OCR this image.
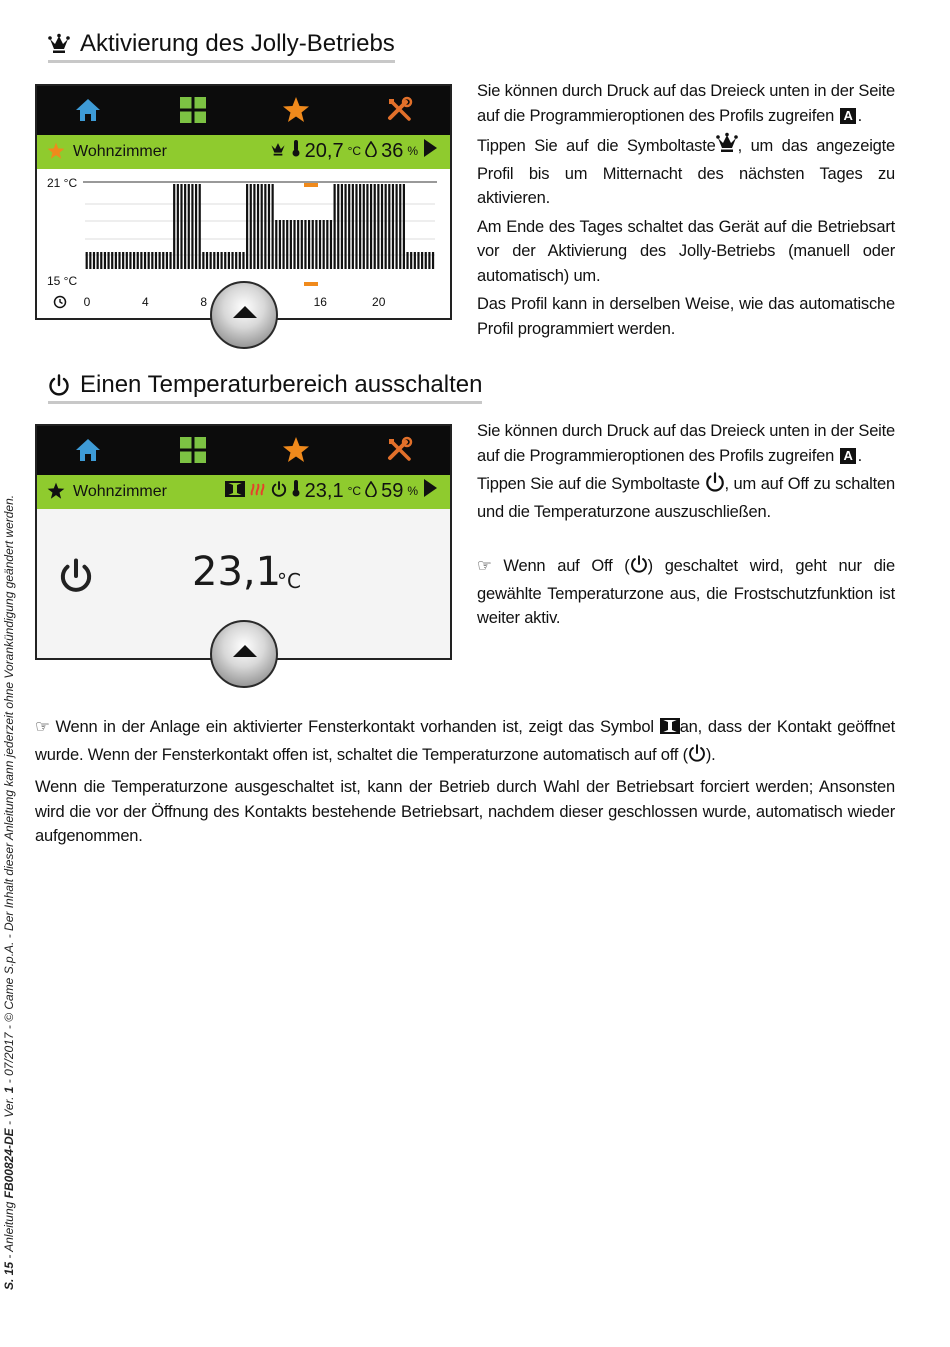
Aktivierung des Jolly-Betriebs
Wohnzimmer	20,7 °C 36 %
21 °C
15 °C
0	4	8	16	20

Sie können durch Druck auf das Dreieck unten in der Seite auf die Programmieroptionen des Profils zugreifen A .

Tippen Sie auf die Symboltaste , um das angezeigte Profil bis um Mitternacht des nächsten Tages zu aktivieren.

Am Ende des Tages schaltet das Gerät auf die Betriebsart vor der Aktivierung des Jolly-Betriebs (manuell oder automatisch) um.

Das Profil kann in derselben Weise, wie das automatische Profil programmiert werden.

Einen Temperaturbereich ausschalten
Wohnzimmer	23,1 °C 59 %
23,1
°C

Sie können durch Druck auf das Dreieck unten in der Seite auf die Programmieroptionen des Profils zugreifen A .

Tippen Sie auf die Symboltaste , um auf Off zu schalten und die Temperaturzone auszuschließen.

☞ Wenn auf Off ( ) geschaltet wird, geht nur die gewählte Temperaturzone aus, die Frostschutzfunktion ist weiter aktiv.

☞ Wenn in der Anlage ein aktivierter Fensterkontakt vorhanden ist, zeigt das Symbol an, dass der Kontakt geöffnet wurde. Wenn der Fensterkontakt offen ist, schaltet die Temperaturzone automatisch auf off ( ).

Wenn die Temperaturzone ausgeschaltet ist, kann der Betrieb durch Wahl der Betriebsart forciert werden; Ansonsten wird die vor der Öffnung des Kontakts bestehende Betriebsart, nachdem dieser geschlossen wurde, automatisch wieder aufgenommen.

S. 15 - Anleitung FB00824-DE - Ver. 1 - 07/2017 - © Came S.p.A. - Der Inhalt dieser Anleitung kann jederzeit ohne Vorankündigung geändert werden.
